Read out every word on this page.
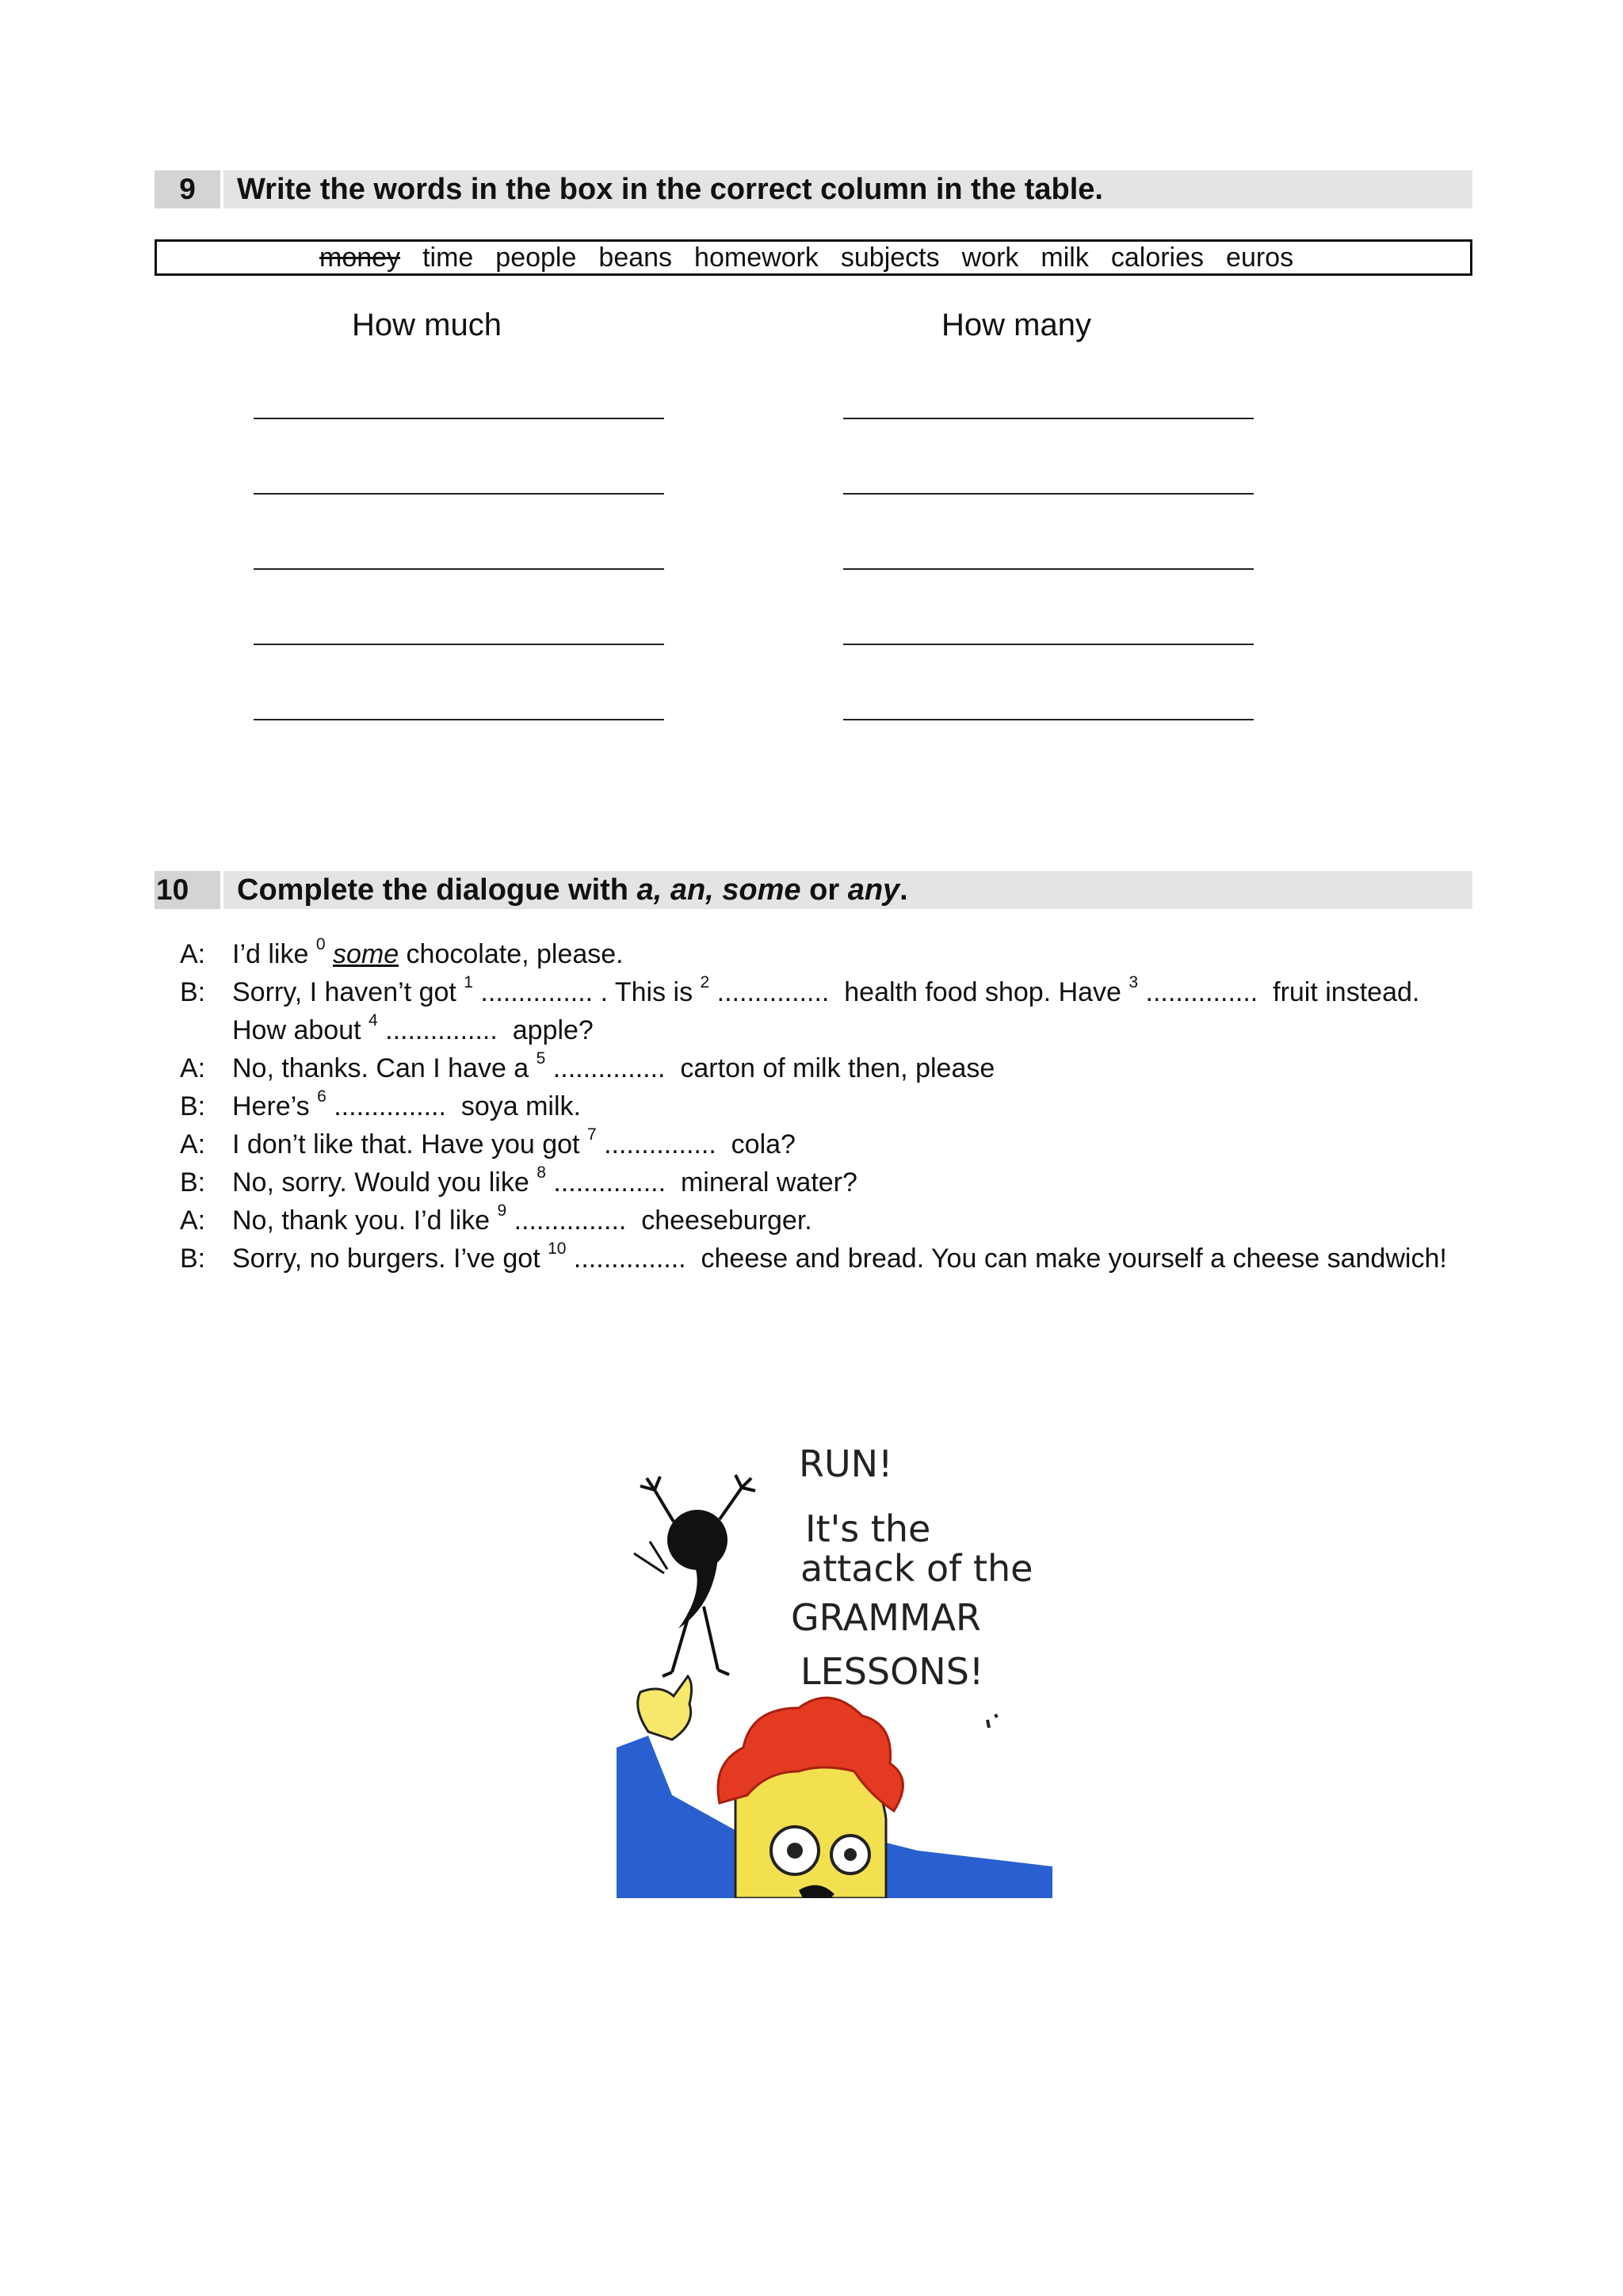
9	Write the words in the box in the correct column in the table.
money time people beans homework subjects work milk calories euros
How much	How many
10	Complete the dialogue with a, an, some or any.
A: I’d like $^0$ some chocolate, please.
B: Sorry, I haven’t got $^1$ ............... . This is $^2$ ...............  health food shop. Have $^3$ ...............  fruit instead.
How about $^4$ ...............  apple?
A: No, thanks. Can I have a $^5$ ...............  carton of milk then, please
B: Here’s $^6$ ...............  soya milk.
A: I don’t like that. Have you got $^7$ ...............  cola?
B: No, sorry. Would you like $^8$ ...............  mineral water?
A: No, thank you. I’d like $^9$ ...............  cheeseburger.
B: Sorry, no burgers. I’ve got $^{10}$ ...............  cheese and bread. You can make yourself a cheese sandwich!
RUN!
It's the
attack of the
GRAMMAR
LESSONS!
